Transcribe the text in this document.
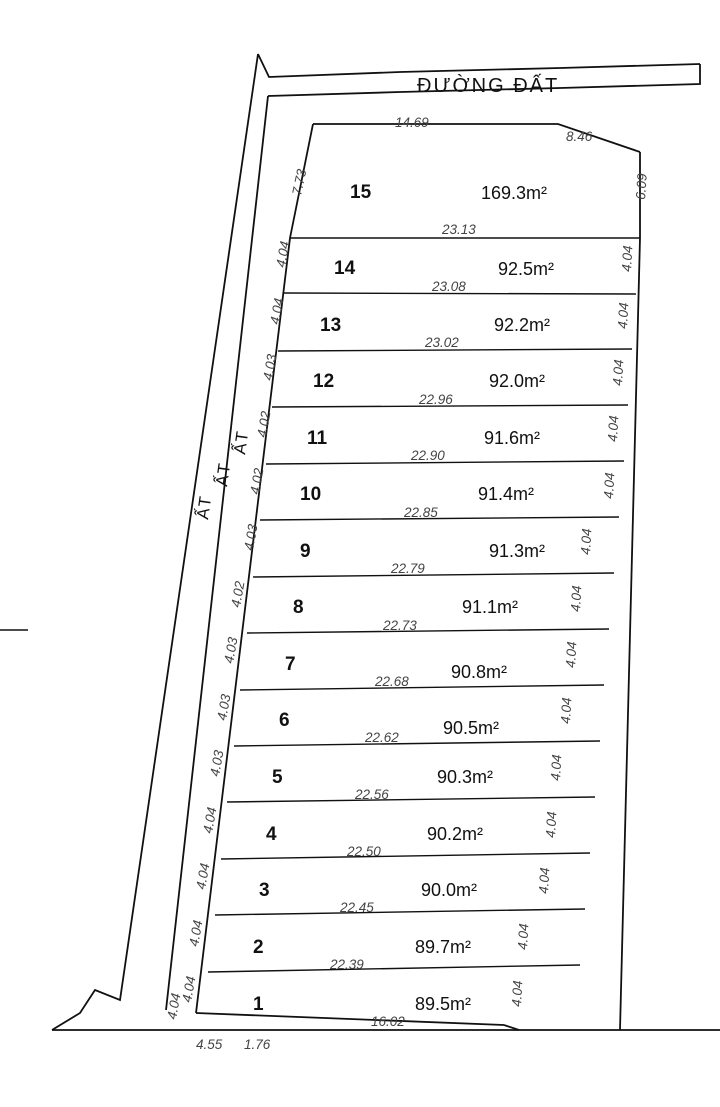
ĐƯỜNG ĐẤT
ẤT
ẤT
ẤT
14.69
8.46
4.55 1.76
7.73	6.09
15	169.3m²
23.13
4.04	4.04
14	92.5m²
23.08
4.04	4.04
13	92.2m²
23.02
4.03	4.04
12	92.0m²
22.96
4.02	4.04
11	91.6m²
22.90
4.02	4.04
10	91.4m²
22.85
4.03	4.04
9	91.3m²
22.79
4.02	4.04
8	91.1m²
22.73
4.03	4.04
7	90.8m²
22.68
4.03	4.04
6	90.5m²
22.62
4.03	4.04
5	90.3m²
22.56
4.04	4.04
4	90.2m²
22.50
4.04	4.04
3	90.0m²
22.45
4.04	4.04
2	89.7m²
22.39
4.04	4.04
1	89.5m²
16.02
4.04
